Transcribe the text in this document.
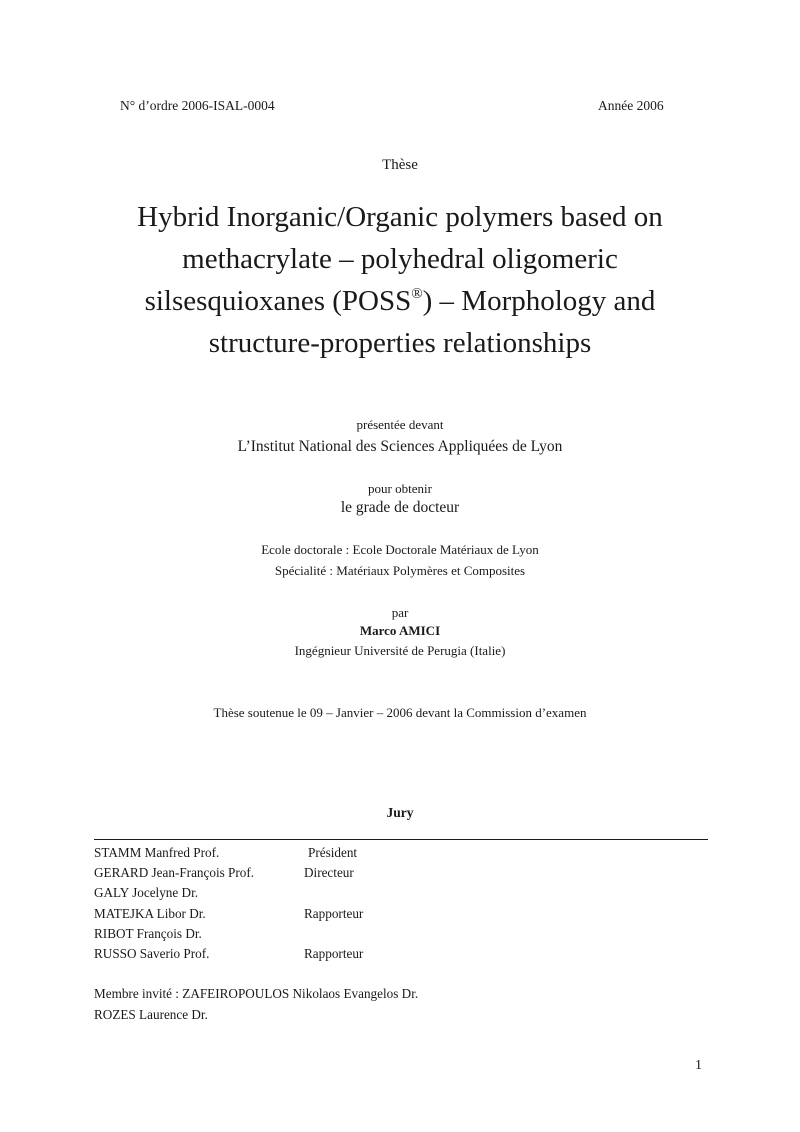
N° d’ordre 2006-ISAL-0004	Année 2006
Thèse
Hybrid Inorganic/Organic polymers based on
methacrylate – polyhedral oligomeric
silsesquioxanes (POSS®) – Morphology and
structure-properties relationships
présentée devant
L’Institut National des Sciences Appliquées de Lyon
pour obtenir
le grade de docteur
Ecole doctorale : Ecole Doctorale Matériaux de Lyon
Spécialité : Matériaux Polymères et Composites
par
Marco AMICI
Ingégnieur Université de Perugia (Italie)
Thèse soutenue le 09 – Janvier – 2006 devant la Commission d’examen
Jury
STAMM Manfred Prof.	Président
GERARD Jean-François Prof.	Directeur
GALY Jocelyne Dr.
MATEJKA Libor Dr.	Rapporteur
RIBOT François Dr.
RUSSO Saverio Prof.	Rapporteur
Membre invité : ZAFEIROPOULOS Nikolaos Evangelos Dr.
ROZES Laurence Dr.
1
